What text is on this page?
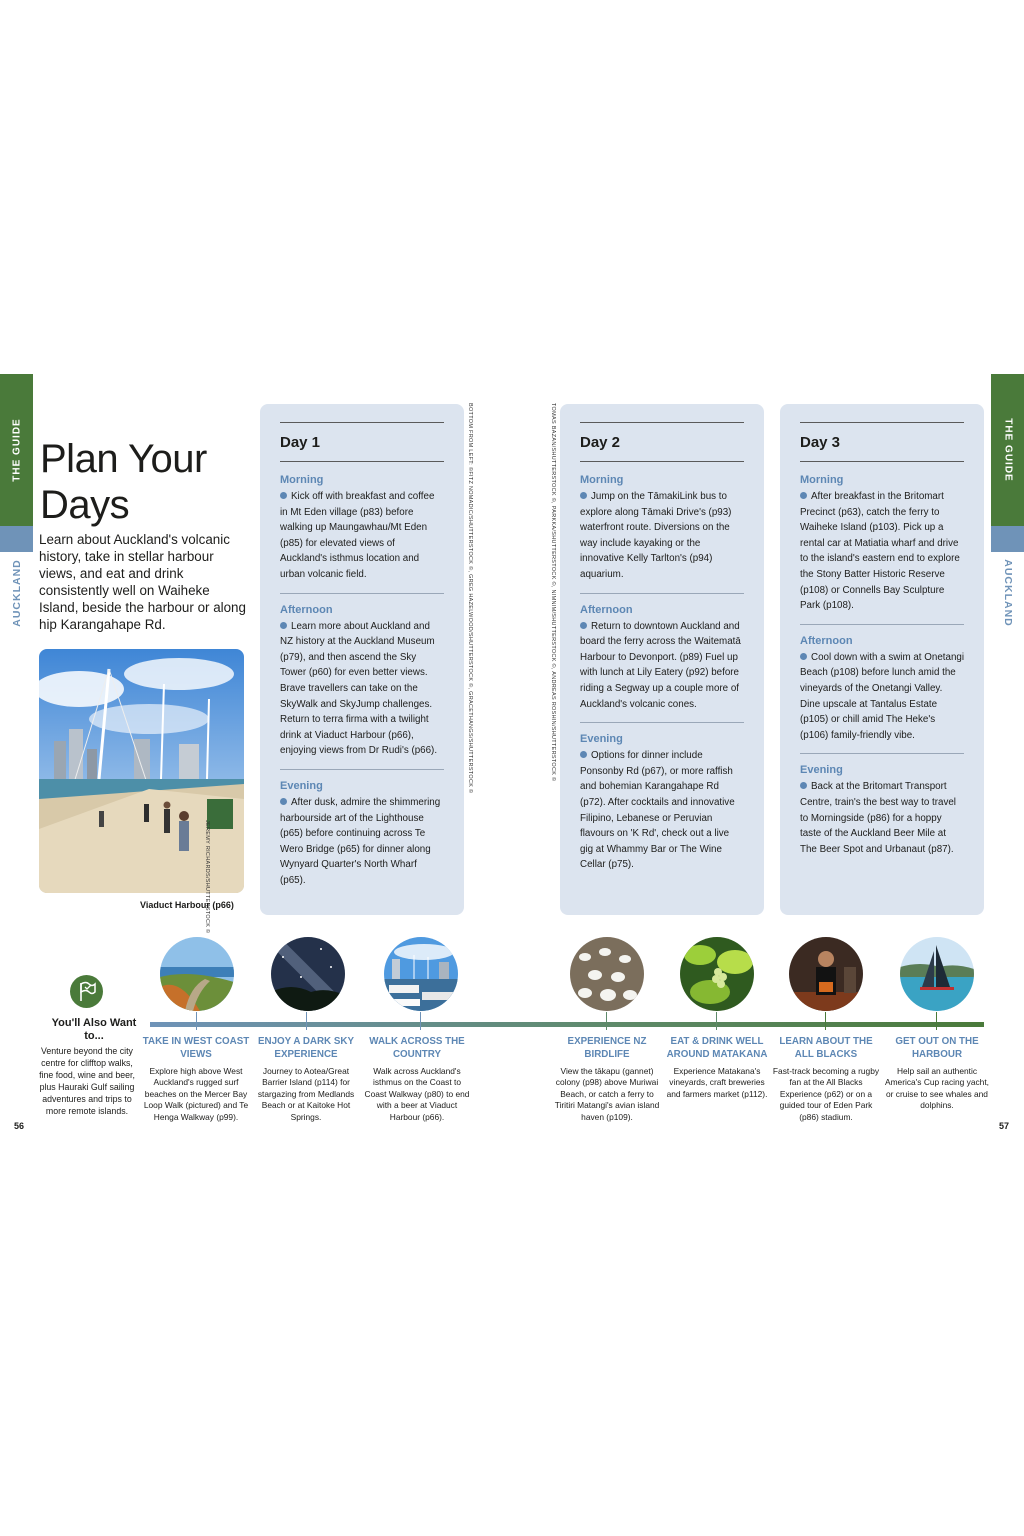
THE GUIDE
AUCKLAND
THE GUIDE
AUCKLAND
Plan Your
Days

Learn about Auckland's volcanic history, take in stellar harbour views, and eat and drink consistently well on Waiheke Island, beside the harbour or along hip Karangahape Rd.

JEREMY RICHARDS/SHUTTERSTOCK ©
Viaduct Harbour (p66)
BOTTOM FROM LEFT: ©FITZ NOMADIC/SHUTTERSTOCK ©, GREG HAZELWOOD/SHUTTERSTOCK ©, GRACETHANGS/SHUTTERSTOCK ©	TOMAS BAZAN/SHUTTERSTOCK ©, PARKKA/SHUTTERSTOCK ©, NIMNIM/SHUTTERSTOCK ©, ANDREAS ROSHIN/SHUTTERSTOCK ©
Day 1
Morning
Kick off with breakfast and coffee in Mt Eden village (p83) before walking up Maungawhau/Mt Eden (p85) for elevated views of Auckland's isthmus location and urban volcanic field.
Afternoon
Learn more about Auckland and NZ history at the Auckland Museum (p79), and then ascend the Sky Tower (p60) for even better views. Brave travellers can take on the SkyWalk and SkyJump challenges. Return to terra firma with a twilight drink at Viaduct Harbour (p66), enjoying views from Dr Rudi's (p66).
Evening
After dusk, admire the shimmering harbourside art of the Lighthouse (p65) before continuing across Te Wero Bridge (p65) for dinner along Wynyard Quarter's North Wharf (p65).
Day 2
Morning
Jump on the TāmakiLink bus to explore along Tāmaki Drive's (p93) waterfront route. Diversions on the way include kayaking or the innovative Kelly Tarlton's (p94) aquarium.
Afternoon
Return to downtown Auckland and board the ferry across the Waitematā Harbour to Devonport. (p89) Fuel up with lunch at Lily Eatery (p92) before riding a Segway up a couple more of Auckland's volcanic cones.
Evening
Options for dinner include Ponsonby Rd (p67), or more raffish and bohemian Karangahape Rd (p72). After cocktails and innovative Filipino, Lebanese or Peruvian flavours on 'K Rd', check out a live gig at Whammy Bar or The Wine Cellar (p75).
Day 3
Morning
After breakfast in the Britomart Precinct (p63), catch the ferry to Waiheke Island (p103). Pick up a rental car at Matiatia wharf and drive to the island's eastern end to explore the Stony Batter Historic Reserve (p108) or Connells Bay Sculpture Park (p108).
Afternoon
Cool down with a swim at Onetangi Beach (p108) before lunch amid the vineyards of the Onetangi Valley. Dine upscale at Tantalus Estate (p105) or chill amid The Heke's (p106) family-friendly vibe.
Evening
Back at the Britomart Transport Centre, train's the best way to travel to Morningside (p86) for a hoppy taste of the Auckland Beer Mile at The Beer Spot and Urbanaut (p87).
You'll Also Want to...
Venture beyond the city centre for clifftop walks, fine food, wine and beer, plus Hauraki Gulf sailing adventures and trips to more remote islands.
TAKE IN WEST COAST VIEWS
Explore high above West Auckland's rugged surf beaches on the Mercer Bay Loop Walk (pictured) and Te Henga Walkway (p99).
ENJOY A DARK SKY EXPERIENCE
Journey to Aotea/Great Barrier Island (p114) for stargazing from Medlands Beach or at Kaitoke Hot Springs.
WALK ACROSS THE COUNTRY
Walk across Auckland's isthmus on the Coast to Coast Walkway (p80) to end with a beer at Viaduct Harbour (p66).
EXPERIENCE NZ BIRDLIFE
View the tākapu (gannet) colony (p98) above Muriwai Beach, or catch a ferry to Tiritiri Matangi's avian island haven (p109).
EAT & DRINK WELL AROUND MATAKANA
Experience Matakana's vineyards, craft breweries and farmers market (p112).
LEARN ABOUT THE ALL BLACKS
Fast-track becoming a rugby fan at the All Blacks Experience (p62) or on a guided tour of Eden Park (p86) stadium.
GET OUT ON THE HARBOUR
Help sail an authentic America's Cup racing yacht, or cruise to see whales and dolphins.
56	57
